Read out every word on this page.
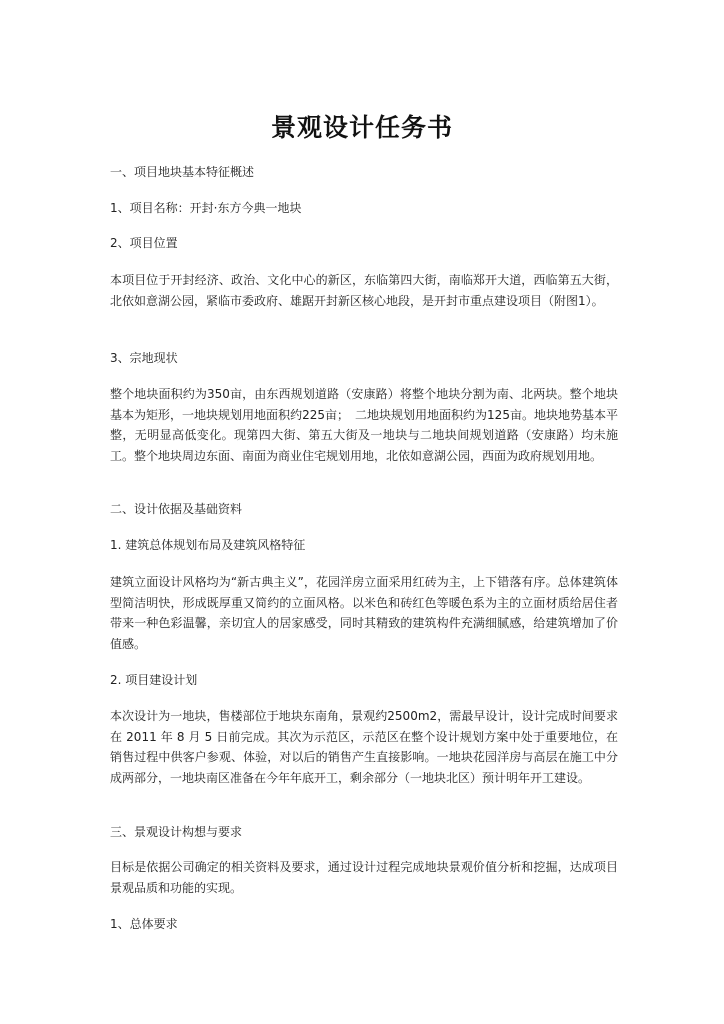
景观设计任务书
一、项目地块基本特征概述
1、项目名称：开封·东方今典一地块
2、项目位置
本项目位于开封经济、政治、文化中心的新区，东临第四大街，南临郑开大道，西临第五大街，北依如意湖公园，紧临市委政府、雄踞开封新区核心地段，是开封市重点建设项目（附图1）。
3、宗地现状
整个地块面积约为350亩，由东西规划道路（安康路）将整个地块分割为南、北两块。整个地块基本为矩形，一地块规划用地面积约225亩；　二地块规划用地面积约为125亩。地块地势基本平整，无明显高低变化。现第四大街、第五大街及一地块与二地块间规划道路（安康路）均未施工。整个地块周边东面、南面为商业住宅规划用地，北依如意湖公园，西面为政府规划用地。
二、设计依据及基础资料
1. 建筑总体规划布局及建筑风格特征
建筑立面设计风格均为“新古典主义”，花园洋房立面采用红砖为主，上下错落有序。总体建筑体型简洁明快，形成既厚重又简约的立面风格。以米色和砖红色等暖色系为主的立面材质给居住者带来一种色彩温馨，亲切宜人的居家感受，同时其精致的建筑构件充满细腻感，给建筑增加了价值感。
2. 项目建设计划
本次设计为一地块，售楼部位于地块东南角，景观约2500m2，需最早设计，设计完成时间要求在 2011 年 8 月 5 日前完成。其次为示范区，示范区在整个设计规划方案中处于重要地位，在销售过程中供客户参观、体验，对以后的销售产生直接影响。一地块花园洋房与高层在施工中分成两部分，一地块南区准备在今年年底开工，剩余部分（一地块北区）预计明年开工建设。
三、景观设计构想与要求
目标是依据公司确定的相关资料及要求，通过设计过程完成地块景观价值分析和挖掘，达成项目景观品质和功能的实现。
1、总体要求
